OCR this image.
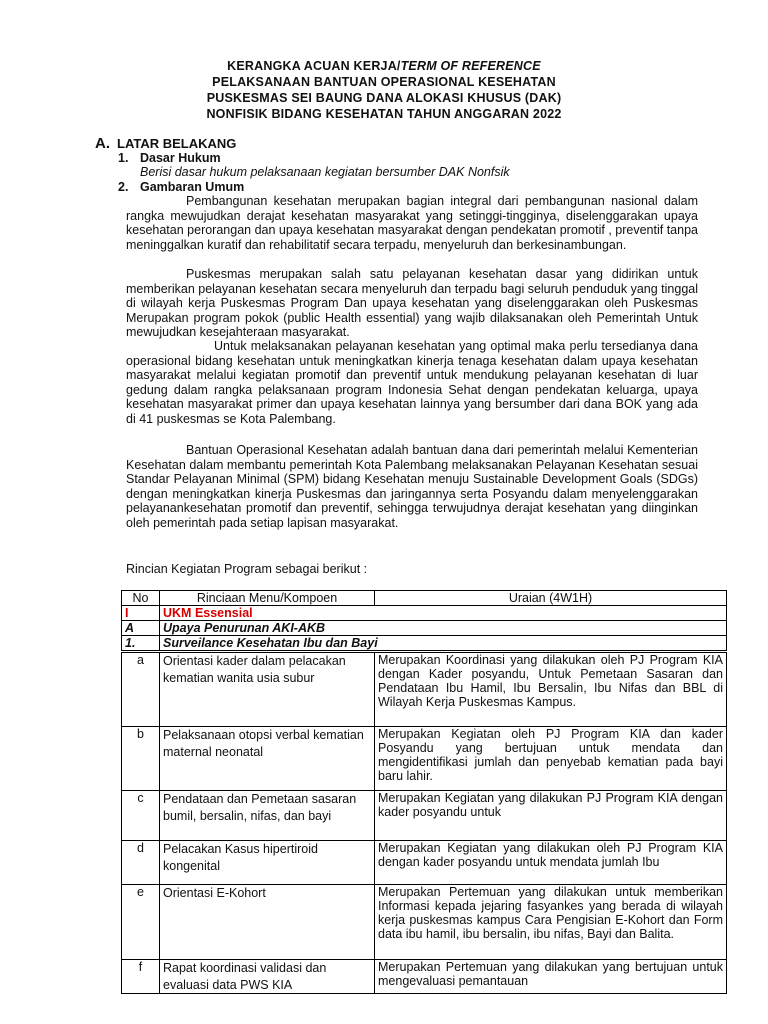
KERANGKA ACUAN KERJA/TERM OF REFERENCE
PELAKSANAAN BANTUAN OPERASIONAL KESEHATAN
PUSKESMAS SEI BAUNG DANA ALOKASI KHUSUS (DAK)
NONFISIK BIDANG KESEHATAN TAHUN ANGGARAN 2022
A. LATAR BELAKANG
1. Dasar Hukum
Berisi dasar hukum pelaksanaan kegiatan bersumber DAK Nonfsik
2. Gambaran Umum
Pembangunan kesehatan merupakan bagian integral dari pembangunan nasional dalam rangka mewujudkan derajat kesehatan masyarakat yang setinggi-tingginya, diselenggarakan upaya kesehatan perorangan dan upaya kesehatan masyarakat dengan pendekatan promotif , preventif tanpa meninggalkan kuratif dan rehabilitatif secara terpadu, menyeluruh dan berkesinambungan.
Puskesmas merupakan salah satu pelayanan kesehatan dasar yang didirikan untuk memberikan pelayanan kesehatan secara menyeluruh dan terpadu bagi seluruh penduduk yang tinggal di wilayah kerja Puskesmas Program Dan upaya kesehatan yang diselenggarakan oleh Puskesmas Merupakan program pokok (public Health essential) yang wajib dilaksanakan oleh Pemerintah Untuk mewujudkan kesejahteraan masyarakat.
Untuk melaksanakan pelayanan kesehatan yang optimal maka perlu tersedianya dana operasional bidang kesehatan untuk meningkatkan kinerja tenaga kesehatan dalam upaya kesehatan masyarakat melalui kegiatan promotif dan preventif untuk mendukung pelayanan kesehatan di luar gedung dalam rangka pelaksanaan program Indonesia Sehat dengan pendekatan keluarga, upaya kesehatan masyarakat primer dan upaya kesehatan lainnya yang bersumber dari dana BOK yang ada di 41 puskesmas se Kota Palembang.
Bantuan Operasional Kesehatan adalah bantuan dana dari pemerintah melalui Kementerian Kesehatan dalam membantu pemerintah Kota Palembang melaksanakan Pelayanan Kesehatan sesuai Standar Pelayanan Minimal (SPM) bidang Kesehatan menuju Sustainable Development Goals (SDGs) dengan meningkatkan kinerja Puskesmas dan jaringannya serta Posyandu dalam menyelenggarakan pelayanankesehatan promotif dan preventif, sehingga terwujudnya derajat kesehatan yang diinginkan oleh pemerintah pada setiap lapisan masyarakat.
Rincian Kegiatan Program sebagai berikut :
No	Rinciaan Menu/Kompoen	Uraian (4W1H)
I	UKM Essensial	
A	Upaya Penurunan AKI-AKB	
1.	Surveilance Kesehatan Ibu dan Bayi	
a	Orientasi kader dalam pelacakan kematian wanita usia subur	Merupakan Koordinasi yang dilakukan oleh PJ Program KIA dengan Kader posyandu, Untuk Pemetaan Sasaran dan Pendataan Ibu Hamil, Ibu Bersalin, Ibu Nifas dan BBL di Wilayah Kerja Puskesmas Kampus.
b	Pelaksanaan otopsi verbal kematian maternal neonatal	Merupakan Kegiatan oleh PJ Program KIA dan kader Posyandu yang bertujuan untuk mendata dan mengidentifikasi jumlah dan penyebab kematian pada bayi baru lahir.
c	Pendataan dan Pemetaan sasaran bumil, bersalin, nifas, dan bayi	Merupakan Kegiatan yang dilakukan PJ Program KIA dengan kader posyandu untuk
d	Pelacakan Kasus hipertiroid kongenital	Merupakan Kegiatan yang dilakukan oleh PJ Program KIA dengan kader posyandu untuk mendata jumlah Ibu
e	Orientasi E-Kohort	Merupakan Pertemuan yang dilakukan untuk memberikan Informasi kepada jejaring fasyankes yang berada di wilayah kerja puskesmas kampus Cara Pengisian E-Kohort dan Form data ibu hamil, ibu bersalin, ibu nifas, Bayi dan Balita.
f	Rapat koordinasi validasi dan evaluasi data PWS KIA	Merupakan Pertemuan yang dilakukan yang bertujuan untuk mengevaluasi pemantauan
